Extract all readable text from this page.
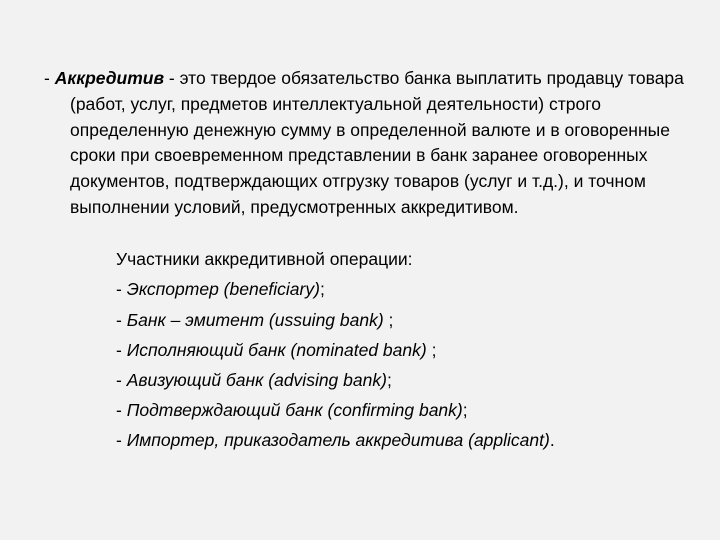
- Аккредитив - это твердое обязательство банка выплатить продавцу товара (работ, услуг, предметов интеллектуальной деятельности) строго определенную денежную сумму в определенной валюте и в оговоренные сроки при своевременном представлении в банк заранее оговоренных документов, подтверждающих отгрузку товаров (услуг и т.д.), и точном выполнении условий, предусмотренных аккредитивом.

Участники аккредитивной операции:

- Экспортер (beneficiary);
- Банк – эмитент (ussuing bank) ;
- Исполняющий банк (nominated bank) ;
- Авизующий банк (advising bank);
- Подтверждающий банк (confirming bank);
- Импортер, приказодатель аккредитива (applicant).
